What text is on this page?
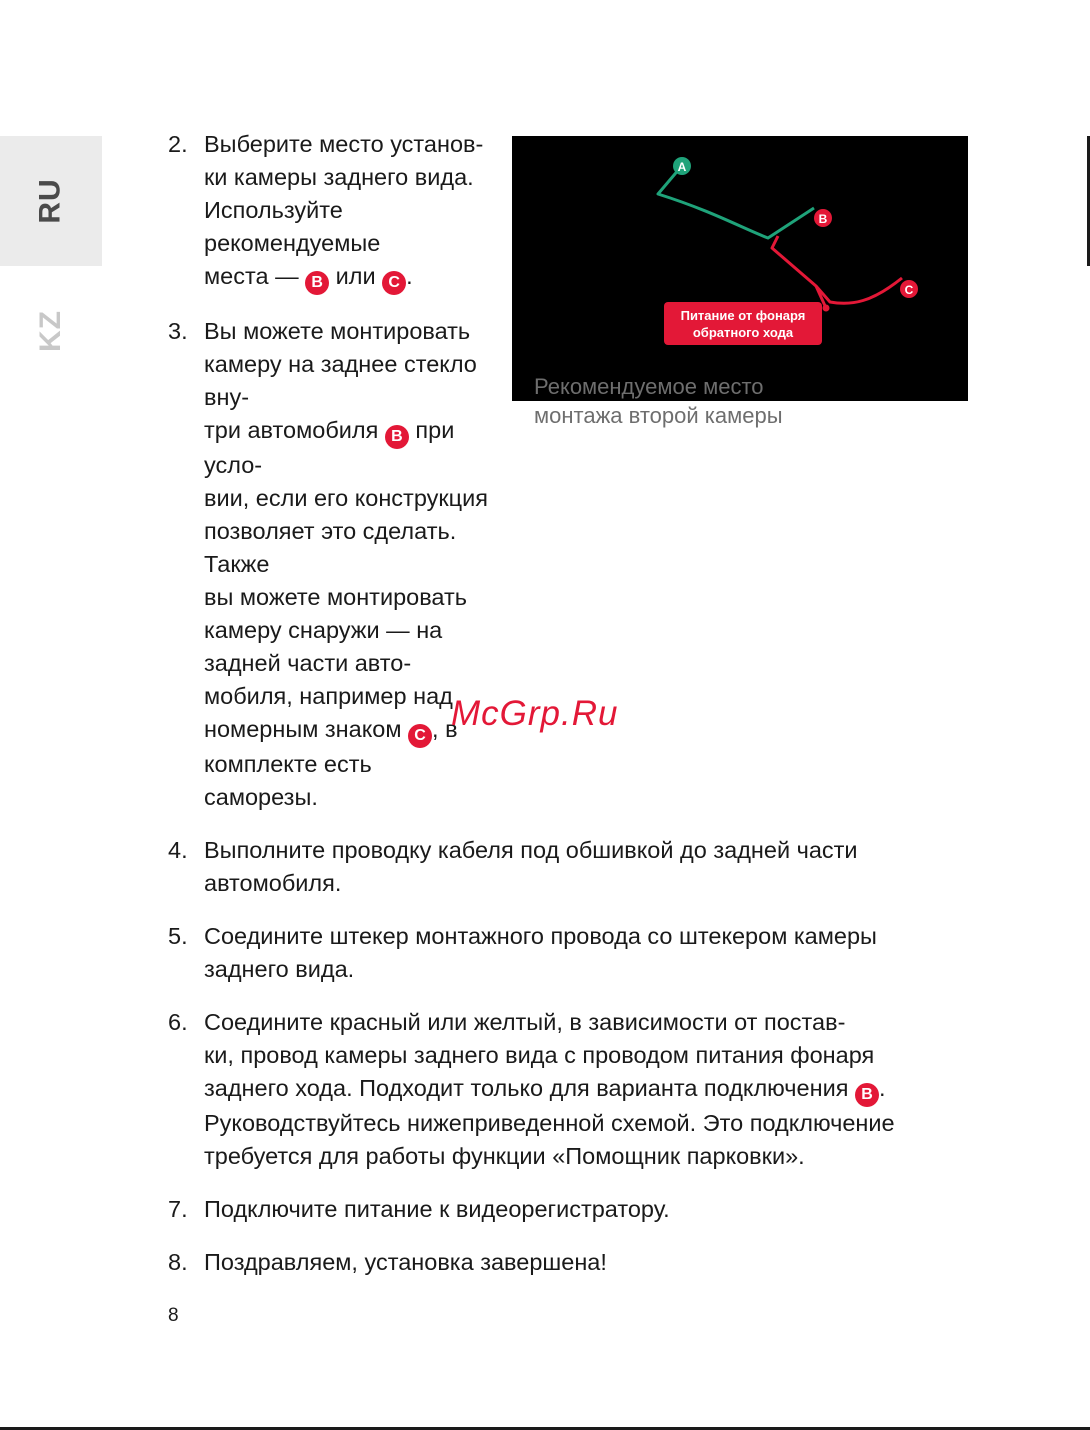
RU
KZ
A
B
C
Питание от фонаря
обратного хода
Рекомендуемое место
монтажа второй камеры
2. Выберите место установ-
ки камеры заднего вида.
Используйте рекомендуемые
места — B или C .
3. Вы можете монтировать
камеру на заднее стекло вну-
три автомобиля B при усло-
вии, если его конструкция
позволяет это сделать. Также
вы можете монтировать камеру снаружи — на задней части авто-
мобиля, например над номерным знаком C , в комплекте есть
саморезы.
4. Выполните проводку кабеля под обшивкой до задней части автомобиля.
5. Соедините штекер монтажного провода со штекером камеры заднего вида.
6. Соедините красный или желтый, в зависимости от постав-
ки, провод камеры заднего вида с проводом питания фонаря
заднего хода. Подходит только для варианта подключения B .
Руководствуйтесь нижеприведенной схемой. Это подключение
требуется для работы функции «Помощник парковки».
7. Подключите питание к видеорегистратору.
8. Поздравляем, установка завершена!
McGrp.Ru
8
